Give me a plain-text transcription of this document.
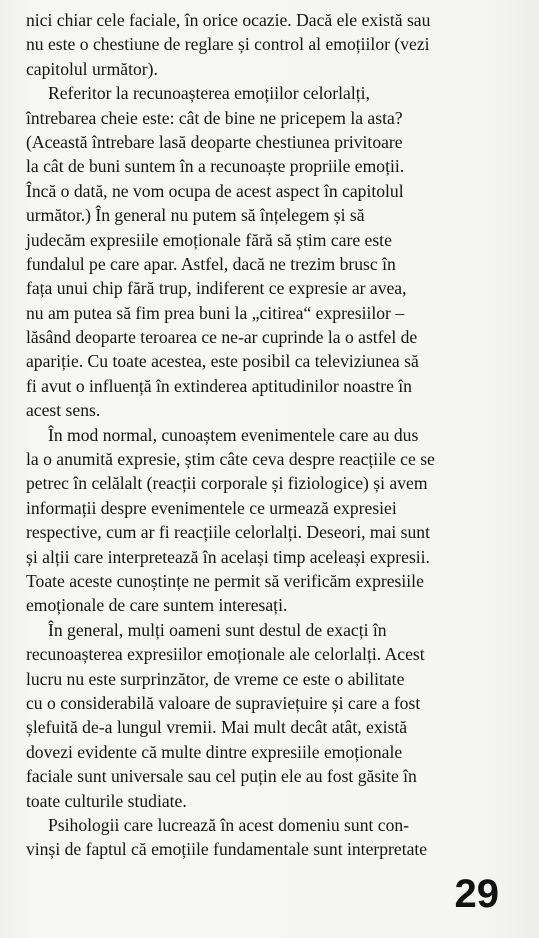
nici chiar cele faciale, în orice ocazie. Dacă ele există sau
nu este o chestiune de reglare și control al emoțiilor (vezi
capitolul următor).
Referitor la recunoașterea emoțiilor celorlalți,
întrebarea cheie este: cât de bine ne pricepem la asta?
(Această întrebare lasă deoparte chestiunea privitoare
la cât de buni suntem în a recunoaște propriile emoții.
Încă o dată, ne vom ocupa de acest aspect în capitolul
următor.) În general nu putem să înțelegem și să
judecăm expresiile emoționale fără să știm care este
fundalul pe care apar. Astfel, dacă ne trezim brusc în
fața unui chip fără trup, indiferent ce expresie ar avea,
nu am putea să fim prea buni la „citirea“ expresiilor –
lăsând deoparte teroarea ce ne-ar cuprinde la o astfel de
apariție. Cu toate acestea, este posibil ca televiziunea să
fi avut o influență în extinderea aptitudinilor noastre în
acest sens.
În mod normal, cunoaștem evenimentele care au dus
la o anumită expresie, știm câte ceva despre reacțiile ce se
petrec în celălalt (reacții corporale și fiziologice) și avem
informații despre evenimentele ce urmează expresiei
respective, cum ar fi reacțiile celorlalți. Deseori, mai sunt
și alții care interpretează în același timp aceleași expresii.
Toate aceste cunoștințe ne permit să verificăm expresiile
emoționale de care suntem interesați.
În general, mulți oameni sunt destul de exacți în
recunoașterea expresiilor emoționale ale celorlalți. Acest
lucru nu este surprinzător, de vreme ce este o abilitate
cu o considerabilă valoare de supraviețuire și care a fost
șlefuită de-a lungul vremii. Mai mult decât atât, există
dovezi evidente că multe dintre expresiile emoționale
faciale sunt universale sau cel puțin ele au fost găsite în
toate culturile studiate.
Psihologii care lucrează în acest domeniu sunt con-
vinși de faptul că emoțiile fundamentale sunt interpretate
29
